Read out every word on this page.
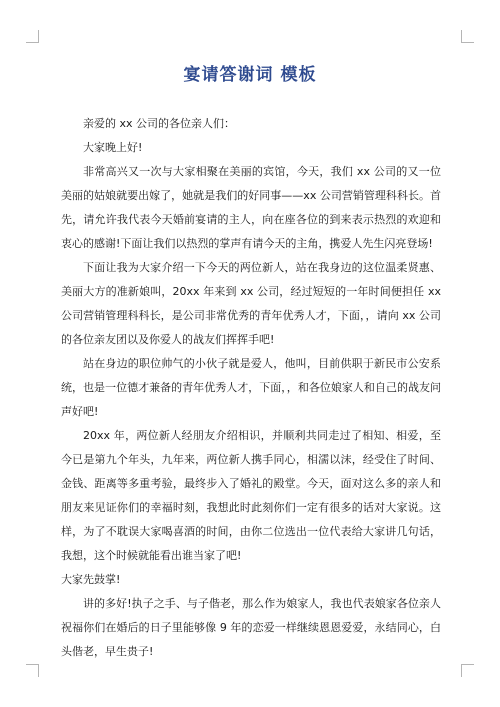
宴请答谢词 模板

亲爱的 xx 公司的各位亲人们：

大家晚上好!

非常高兴又一次与大家相聚在美丽的宾馆，今天，我们 xx 公司的又一位美丽的姑娘就要出嫁了，她就是我们的好同事——xx 公司营销管理科科长。首先，请允许我代表今天婚前宴请的主人，向在座各位的到来表示热烈的欢迎和衷心的感谢!下面让我们以热烈的掌声有请今天的主角，携爱人先生闪亮登场!

下面让我为大家介绍一下今天的两位新人，站在我身边的这位温柔贤惠、美丽大方的准新娘叫，20xx 年来到 xx 公司，经过短短的一年时间便担任 xx 公司营销管理科科长，是公司非常优秀的青年优秀人才，下面，，请向 xx 公司的各位亲友团以及你爱人的战友们挥挥手吧!

站在身边的职位帅气的小伙子就是爱人，他叫，目前供职于新民市公安系统，也是一位德才兼备的青年优秀人才，下面，，和各位娘家人和自己的战友问声好吧!

20xx 年，两位新人经朋友介绍相识，并顺利共同走过了相知、相爱，至今已是第九个年头，九年来，两位新人携手同心，相濡以沫，经受住了时间、金钱、距离等多重考验，最终步入了婚礼的殿堂。今天，面对这么多的亲人和朋友来见证你们的幸福时刻，我想此时此刻你们一定有很多的话对大家说。这样，为了不耽误大家喝喜酒的时间，由你二位选出一位代表给大家讲几句话，我想，这个时候就能看出谁当家了吧!

大家先鼓掌!

讲的多好!执子之手、与子偕老，那么作为娘家人，我也代表娘家各位亲人祝福你们在婚后的日子里能够像 9 年的恋爱一样继续恩恩爱爱，永结同心，白头偕老，早生贵子!
